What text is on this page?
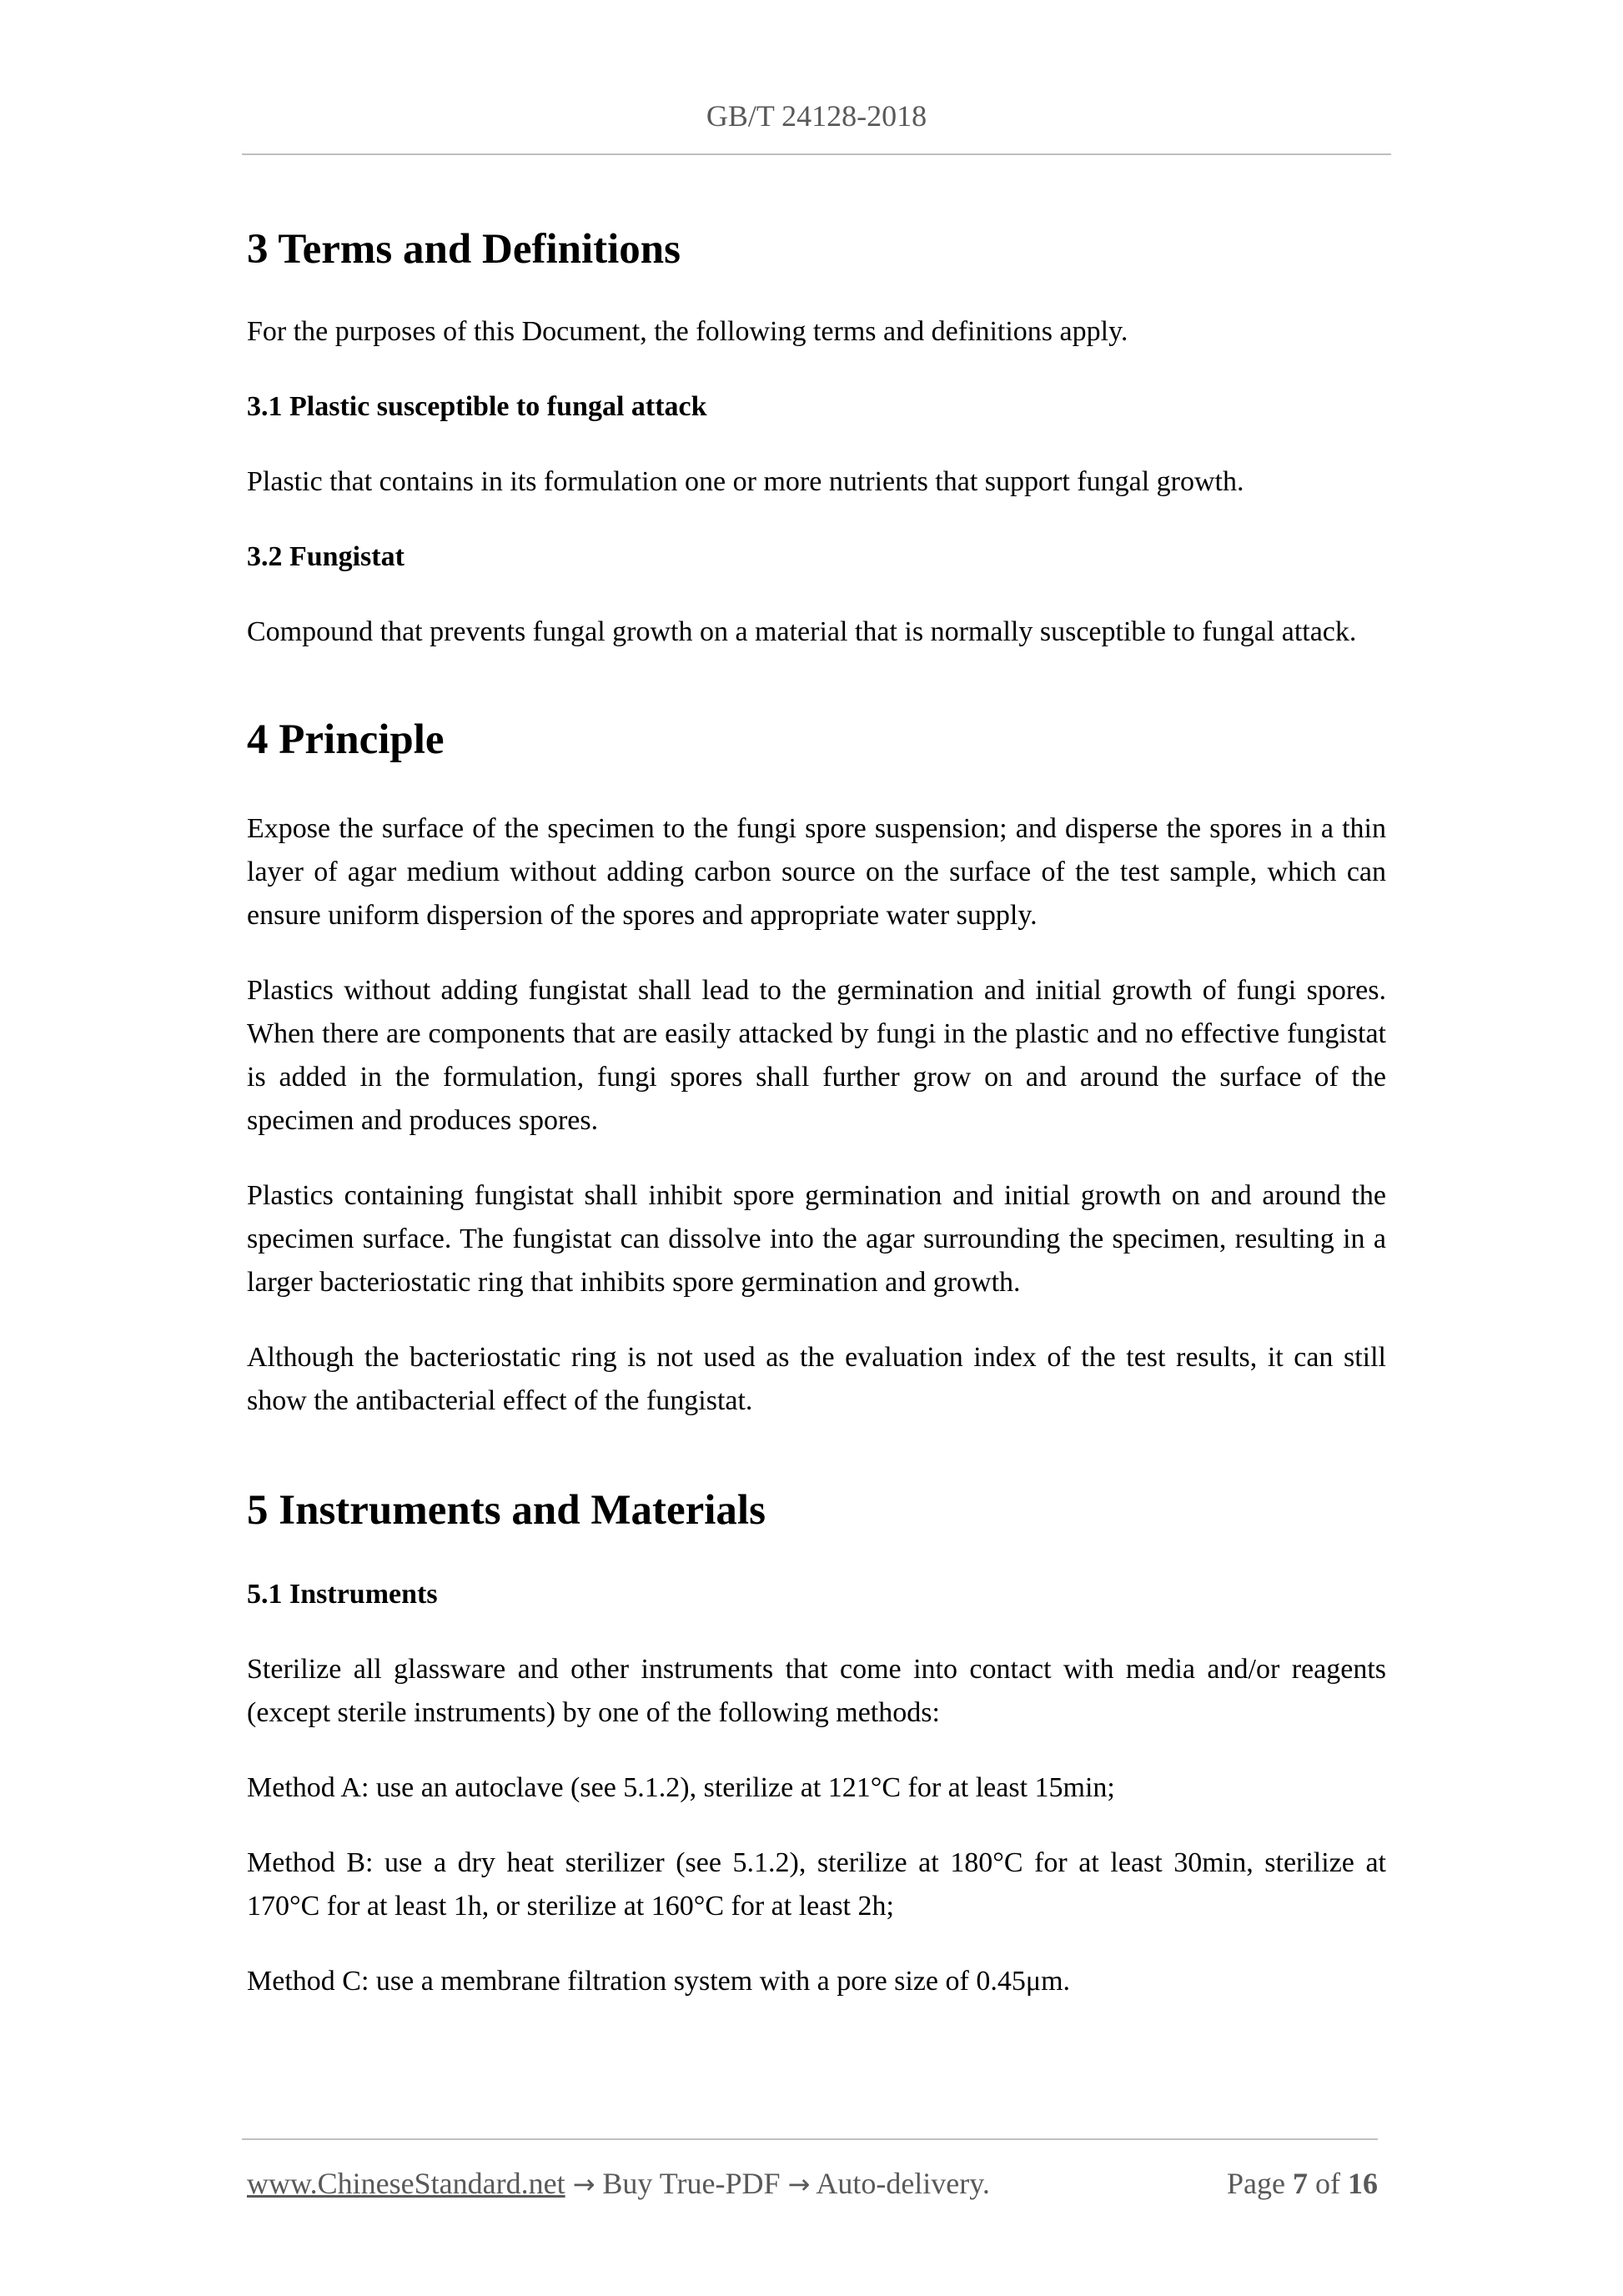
GB/T 24128-2018
3 Terms and Definitions

For the purposes of this Document, the following terms and definitions apply.

3.1 Plastic susceptible to fungal attack

Plastic that contains in its formulation one or more nutrients that support fungal growth.

3.2 Fungistat

Compound that prevents fungal growth on a material that is normally susceptible to fungal attack.

4 Principle

Expose the surface of the specimen to the fungi spore suspension; and disperse the spores in a thin layer of agar medium without adding carbon source on the surface of the test sample, which can ensure uniform dispersion of the spores and appropriate water supply.

Plastics without adding fungistat shall lead to the germination and initial growth of fungi spores. When there are components that are easily attacked by fungi in the plastic and no effective fungistat is added in the formulation, fungi spores shall further grow on and around the surface of the specimen and produces spores.

Plastics containing fungistat shall inhibit spore germination and initial growth on and around the specimen surface. The fungistat can dissolve into the agar surrounding the specimen, resulting in a larger bacteriostatic ring that inhibits spore germination and growth.

Although the bacteriostatic ring is not used as the evaluation index of the test results, it can still show the antibacterial effect of the fungistat.

5 Instruments and Materials
5.1 Instruments

Sterilize all glassware and other instruments that come into contact with media and/or reagents (except sterile instruments) by one of the following methods:

Method A: use an autoclave (see 5.1.2), sterilize at 121°C for at least 15min;

Method B: use a dry heat sterilizer (see 5.1.2), sterilize at 180°C for at least 30min, sterilize at 170°C for at least 1h, or sterilize at 160°C for at least 2h;

Method C: use a membrane filtration system with a pore size of 0.45μm.

www.ChineseStandard.net → Buy True-PDF → Auto-delivery.	Page 7 of 16
